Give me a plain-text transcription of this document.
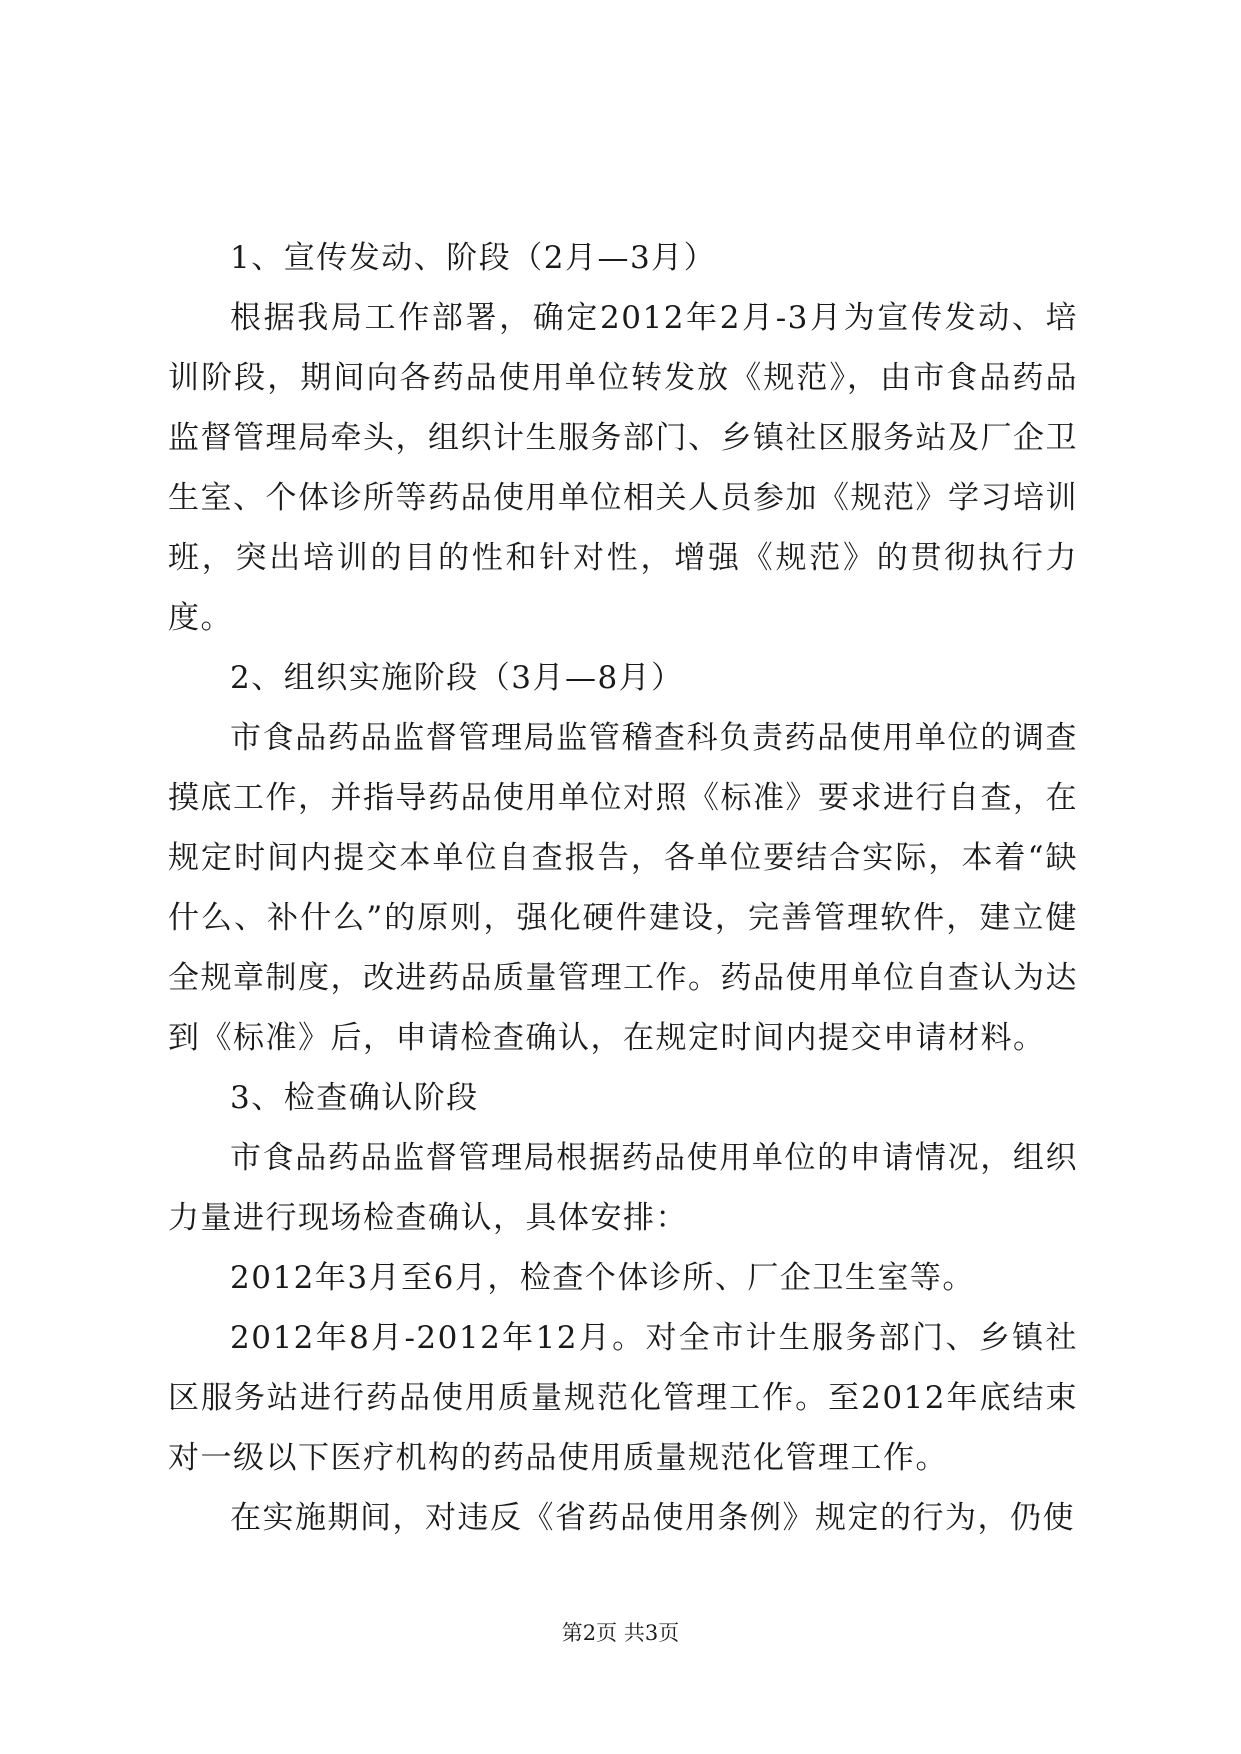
1、宣传发动、阶段（2月—3月）

根据我局工作部署，确定2012年2月-3月为宣传发动、培训阶段，期间向各药品使用单位转发放《规范》，由市食品药品监督管理局牵头，组织计生服务部门、乡镇社区服务站及厂企卫生室、个体诊所等药品使用单位相关人员参加《规范》学习培训班，突出培训的目的性和针对性，增强《规范》的贯彻执行力度。

2、组织实施阶段（3月—8月）

市食品药品监督管理局监管稽查科负责药品使用单位的调查摸底工作，并指导药品使用单位对照《标准》要求进行自查，在规定时间内提交本单位自查报告，各单位要结合实际，本着“缺什么、补什么”的原则，强化硬件建设，完善管理软件，建立健全规章制度，改进药品质量管理工作。药品使用单位自查认为达到《标准》后，申请检查确认，在规定时间内提交申请材料。

3、检查确认阶段

市食品药品监督管理局根据药品使用单位的申请情况，组织力量进行现场检查确认，具体安排：

2012年3月至6月，检查个体诊所、厂企卫生室等。

2012年8月-2012年12月。对全市计生服务部门、乡镇社区服务站进行药品使用质量规范化管理工作。至2012年底结束对一级以下医疗机构的药品使用质量规范化管理工作。

在实施期间，对违反《省药品使用条例》规定的行为，仍使

第2页 共3页
